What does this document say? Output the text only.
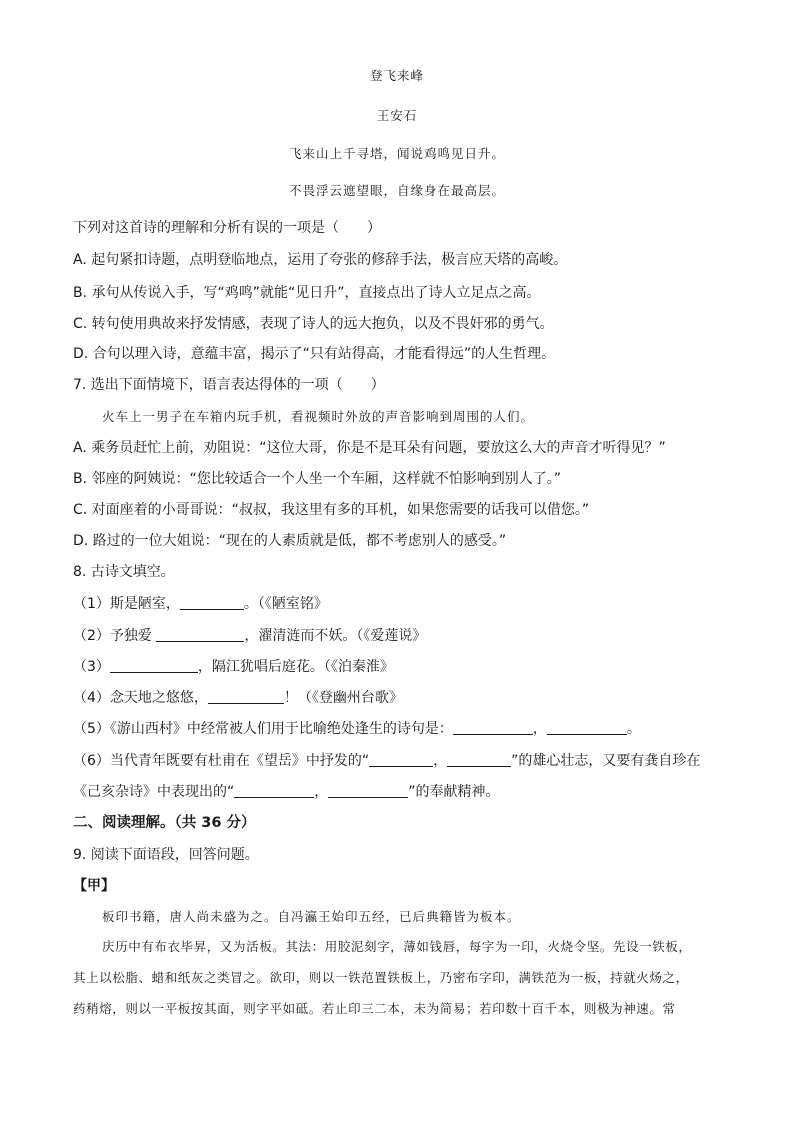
登飞来峰
王安石
飞来山上千寻塔，闻说鸡鸣见日升。
不畏浮云遮望眼，自缘身在最高层。
下列对这首诗的理解和分析有误的一项是（　　）
A. 起句紧扣诗题，点明登临地点，运用了夸张的修辞手法，极言应天塔的高峻。
B. 承句从传说入手，写“鸡鸣”就能“见日升”，直接点出了诗人立足点之高。
C. 转句使用典故来抒发情感，表现了诗人的远大抱负，以及不畏奸邪的勇气。
D. 合句以理入诗，意蕴丰富，揭示了“只有站得高，才能看得远”的人生哲理。
7. 选出下面情境下，语言表达得体的一项（　　）
火车上一男子在车箱内玩手机，看视频时外放的声音影响到周围的人们。
A. 乘务员赶忙上前，劝阻说：“这位大哥，你是不是耳朵有问题，要放这么大的声音才听得见？”
B. 邻座的阿姨说：“您比较适合一个人坐一个车厢，这样就不怕影响到别人了。”
C. 对面座着的小哥哥说：“叔叔，我这里有多的耳机，如果您需要的话我可以借您。”
D. 路过的一位大姐说：“现在的人素质就是低，都不考虑别人的感受。”
8. 古诗文填空。
（1）斯是陋室，	。（《陋室铭》
（2）予独爱	，濯清涟而不妖。（《爱莲说》
（3）	，隔江犹唱后庭花。（《泊秦淮》
（4）念天地之悠悠，	！（《登幽州台歌》
（5）《游山西村》中经常被人们用于比喻绝处逢生的诗句是：	，	。
（6）当代青年既要有杜甫在《望岳》中抒发的“	，	”的雄心壮志，又要有龚自珍在
《己亥杂诗》中表现出的“	，	”的奉献精神。
二、阅读理解。（共 36 分）
9. 阅读下面语段，回答问题。
【甲】
板印书籍，唐人尚未盛为之。自冯瀛王始印五经，已后典籍皆为板本。
庆历中有布衣毕昇，又为活板。其法：用胶泥刻字，薄如钱唇，每字为一印，火烧令坚。先设一铁板，
其上以松脂、蜡和纸灰之类冒之。欲印，则以一铁范置铁板上，乃密布字印，满铁范为一板，持就火炀之，
药稍熔，则以一平板按其面，则字平如砥。若止印三二本，未为简易；若印数十百千本，则极为神速。常
